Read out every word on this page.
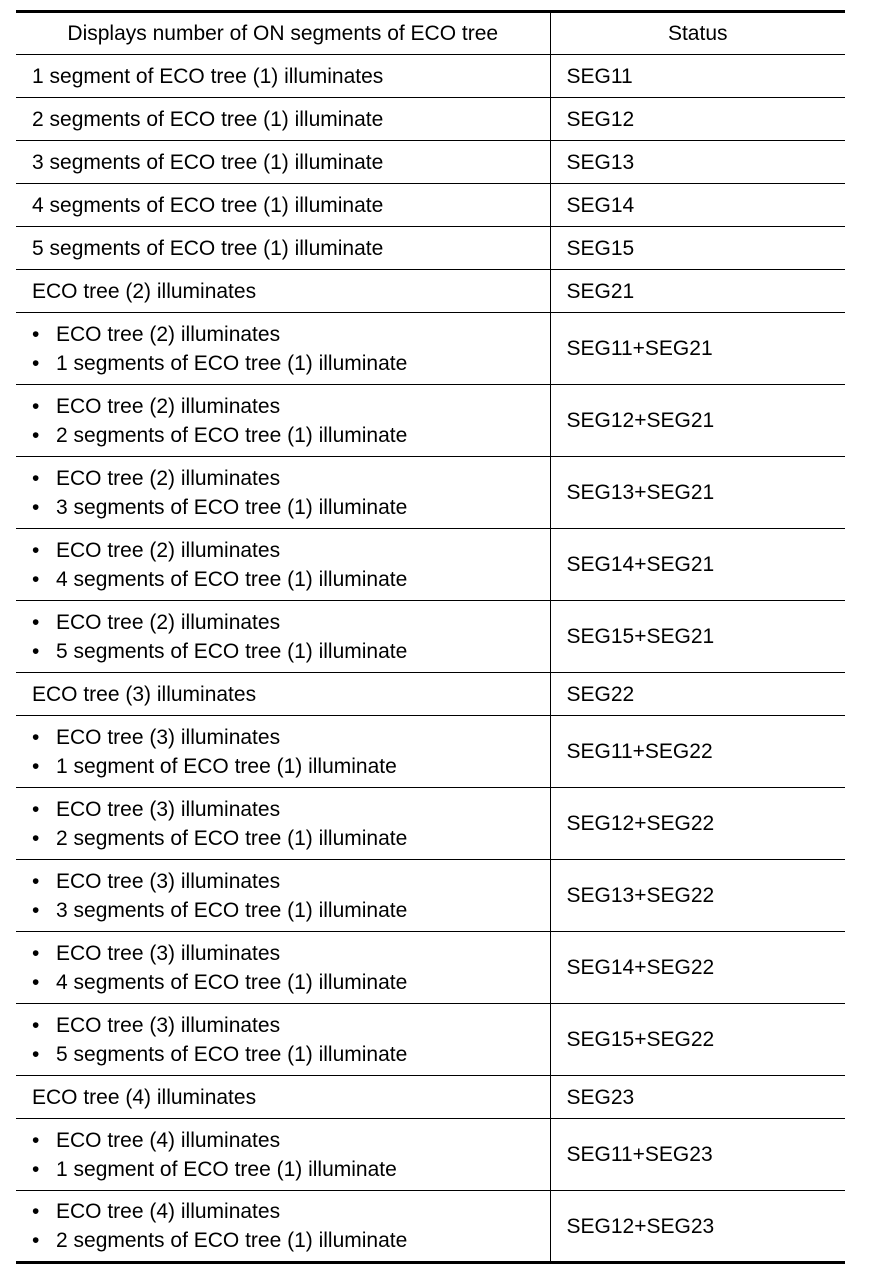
Displays number of ON segments of ECO tree	Status
1 segment of ECO tree (1) illuminates	SEG11
2 segments of ECO tree (1) illuminate	SEG12
3 segments of ECO tree (1) illuminate	SEG13
4 segments of ECO tree (1) illuminate	SEG14
5 segments of ECO tree (1) illuminate	SEG15
ECO tree (2) illuminates	SEG21

• ECO tree (2) illuminates
• 1 segments of ECO tree (1) illuminate	SEG11+SEG21

• ECO tree (2) illuminates
• 2 segments of ECO tree (1) illuminate	SEG12+SEG21

• ECO tree (2) illuminates
• 3 segments of ECO tree (1) illuminate	SEG13+SEG21

• ECO tree (2) illuminates
• 4 segments of ECO tree (1) illuminate	SEG14+SEG21

• ECO tree (2) illuminates
• 5 segments of ECO tree (1) illuminate	SEG15+SEG21
ECO tree (3) illuminates	SEG22

• ECO tree (3) illuminates
• 1 segment of ECO tree (1) illuminate	SEG11+SEG22

• ECO tree (3) illuminates
• 2 segments of ECO tree (1) illuminate	SEG12+SEG22

• ECO tree (3) illuminates
• 3 segments of ECO tree (1) illuminate	SEG13+SEG22

• ECO tree (3) illuminates
• 4 segments of ECO tree (1) illuminate	SEG14+SEG22

• ECO tree (3) illuminates
• 5 segments of ECO tree (1) illuminate	SEG15+SEG22
ECO tree (4) illuminates	SEG23

• ECO tree (4) illuminates
• 1 segment of ECO tree (1) illuminate	SEG11+SEG23

• ECO tree (4) illuminates
• 2 segments of ECO tree (1) illuminate	SEG12+SEG23
